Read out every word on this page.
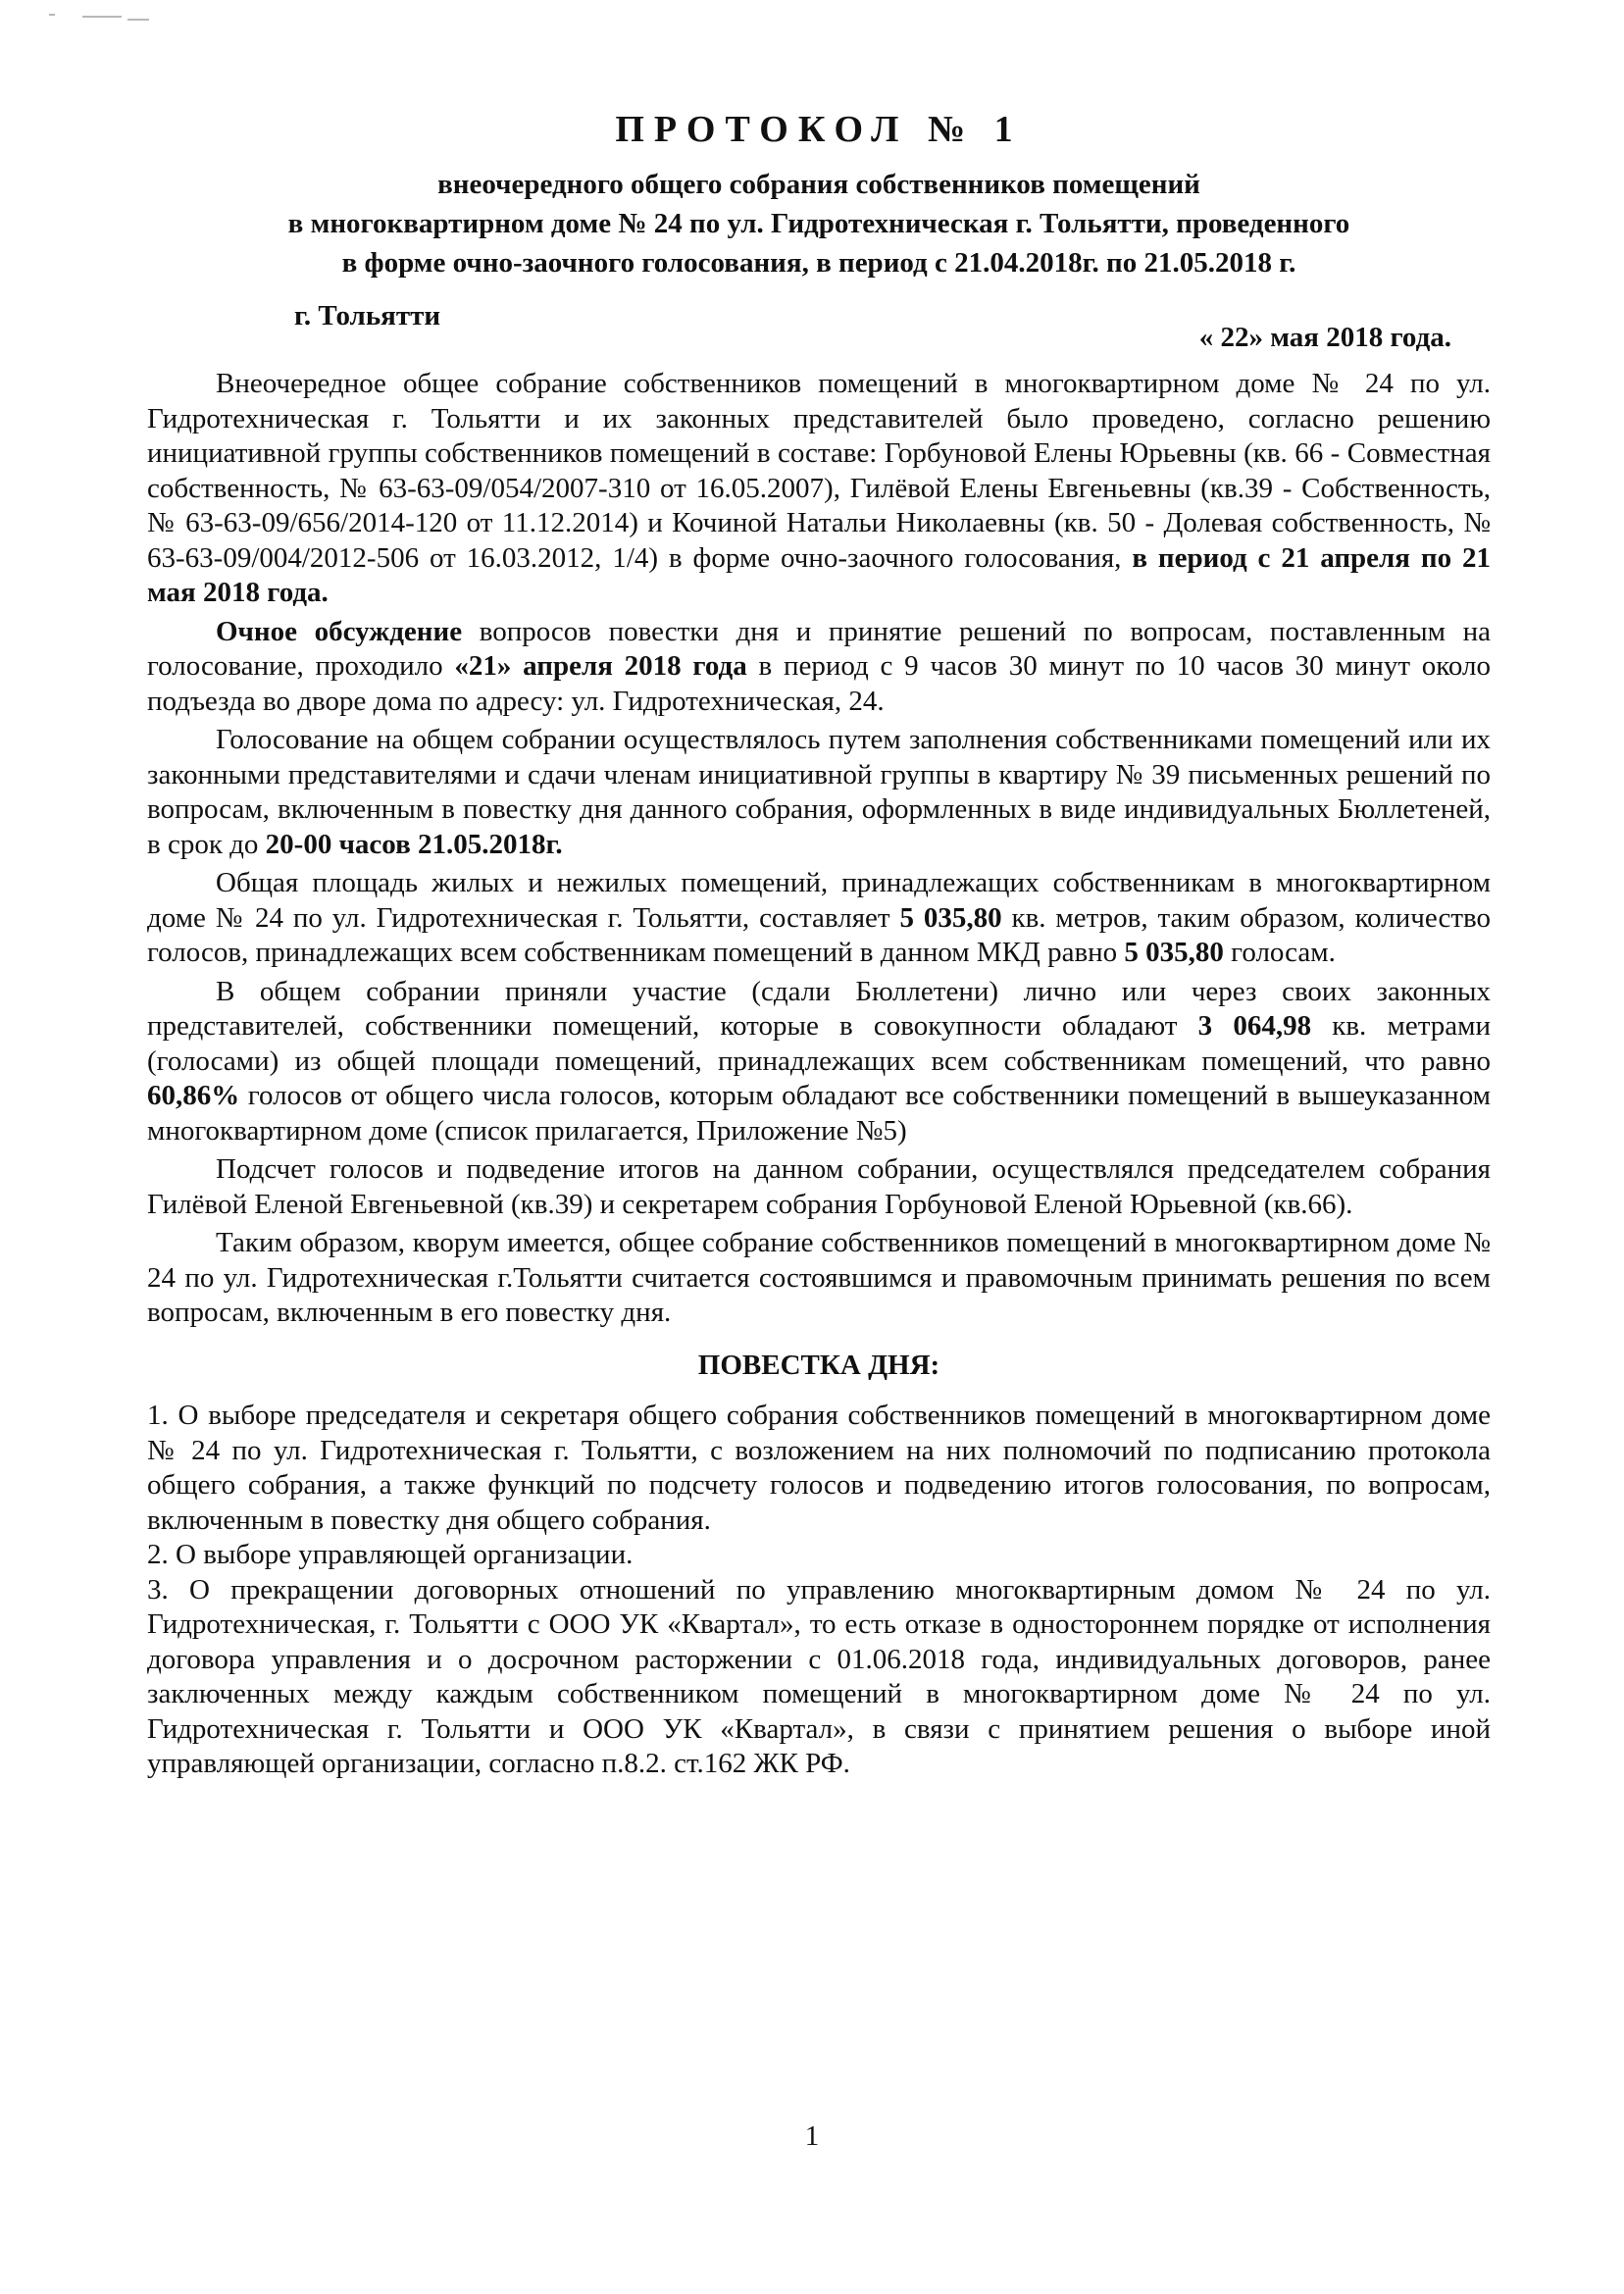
ПРОТОКОЛ № 1

внеочередного общего собрания собственников помещений

в многоквартирном доме № 24 по ул. Гидротехническая г. Тольятти, проведенного

в форме очно-заочного голосования, в период с 21.04.2018г. по 21.05.2018 г.

г. Тольятти
« 22» мая 2018 года.

Внеочередное общее собрание собственников помещений в многоквартирном доме № 24 по ул. Гидротехническая г. Тольятти и их законных представителей было проведено, согласно решению инициативной группы собственников помещений в составе: Горбуновой Елены Юрьевны (кв. 66 - Совместная собственность, № 63-63-09/054/2007-310 от 16.05.2007), Гилёвой Елены Евгеньевны (кв.39 - Собственность, № 63-63-09/656/2014-120 от 11.12.2014) и Кочиной Натальи Николаевны (кв. 50 - Долевая собственность, № 63-63-09/004/2012-506 от 16.03.2012, 1/4) в форме очно-заочного голосования, в период с 21 апреля по 21 мая 2018 года.

Очное обсуждение вопросов повестки дня и принятие решений по вопросам, поставленным на голосование, проходило «21» апреля 2018 года в период с 9 часов 30 минут по 10 часов 30 минут около подъезда во дворе дома по адресу: ул. Гидротехническая, 24.

Голосование на общем собрании осуществлялось путем заполнения собственниками помещений или их законными представителями и сдачи членам инициативной группы в квартиру № 39 письменных решений по вопросам, включенным в повестку дня данного собрания, оформленных в виде индивидуальных Бюллетеней, в срок до 20-00 часов 21.05.2018г.

Общая площадь жилых и нежилых помещений, принадлежащих собственникам в многоквартирном доме № 24 по ул. Гидротехническая г. Тольятти, составляет 5 035,80 кв. метров, таким образом, количество голосов, принадлежащих всем собственникам помещений в данном МКД равно 5 035,80 голосам.

В общем собрании приняли участие (сдали Бюллетени) лично или через своих законных представителей, собственники помещений, которые в совокупности обладают 3 064,98 кв. метрами (голосами) из общей площади помещений, принадлежащих всем собственникам помещений, что равно 60,86% голосов от общего числа голосов, которым обладают все собственники помещений в вышеуказанном многоквартирном доме (список прилагается, Приложение №5)

Подсчет голосов и подведение итогов на данном собрании, осуществлялся председателем собрания Гилёвой Еленой Евгеньевной (кв.39) и секретарем собрания Горбуновой Еленой Юрьевной (кв.66).

Таким образом, кворум имеется, общее собрание собственников помещений в многоквартирном доме № 24 по ул. Гидротехническая г.Тольятти считается состоявшимся и правомочным принимать решения по всем вопросам, включенным в его повестку дня.

ПОВЕСТКА ДНЯ:

1. О выборе председателя и секретаря общего собрания собственников помещений в многоквартирном доме № 24 по ул. Гидротехническая г. Тольятти, с возложением на них полномочий по подписанию протокола общего собрания, а также функций по подсчету голосов и подведению итогов голосования, по вопросам, включенным в повестку дня общего собрания.

2. О выборе управляющей организации.

3. О прекращении договорных отношений по управлению многоквартирным домом № 24 по ул. Гидротехническая, г. Тольятти с ООО УК «Квартал», то есть отказе в одностороннем порядке от исполнения договора управления и о досрочном расторжении с 01.06.2018 года, индивидуальных договоров, ранее заключенных между каждым собственником помещений в многоквартирном доме № 24 по ул. Гидротехническая г. Тольятти и ООО УК «Квартал», в связи с принятием решения о выборе иной управляющей организации, согласно п.8.2. ст.162 ЖК РФ.

1
